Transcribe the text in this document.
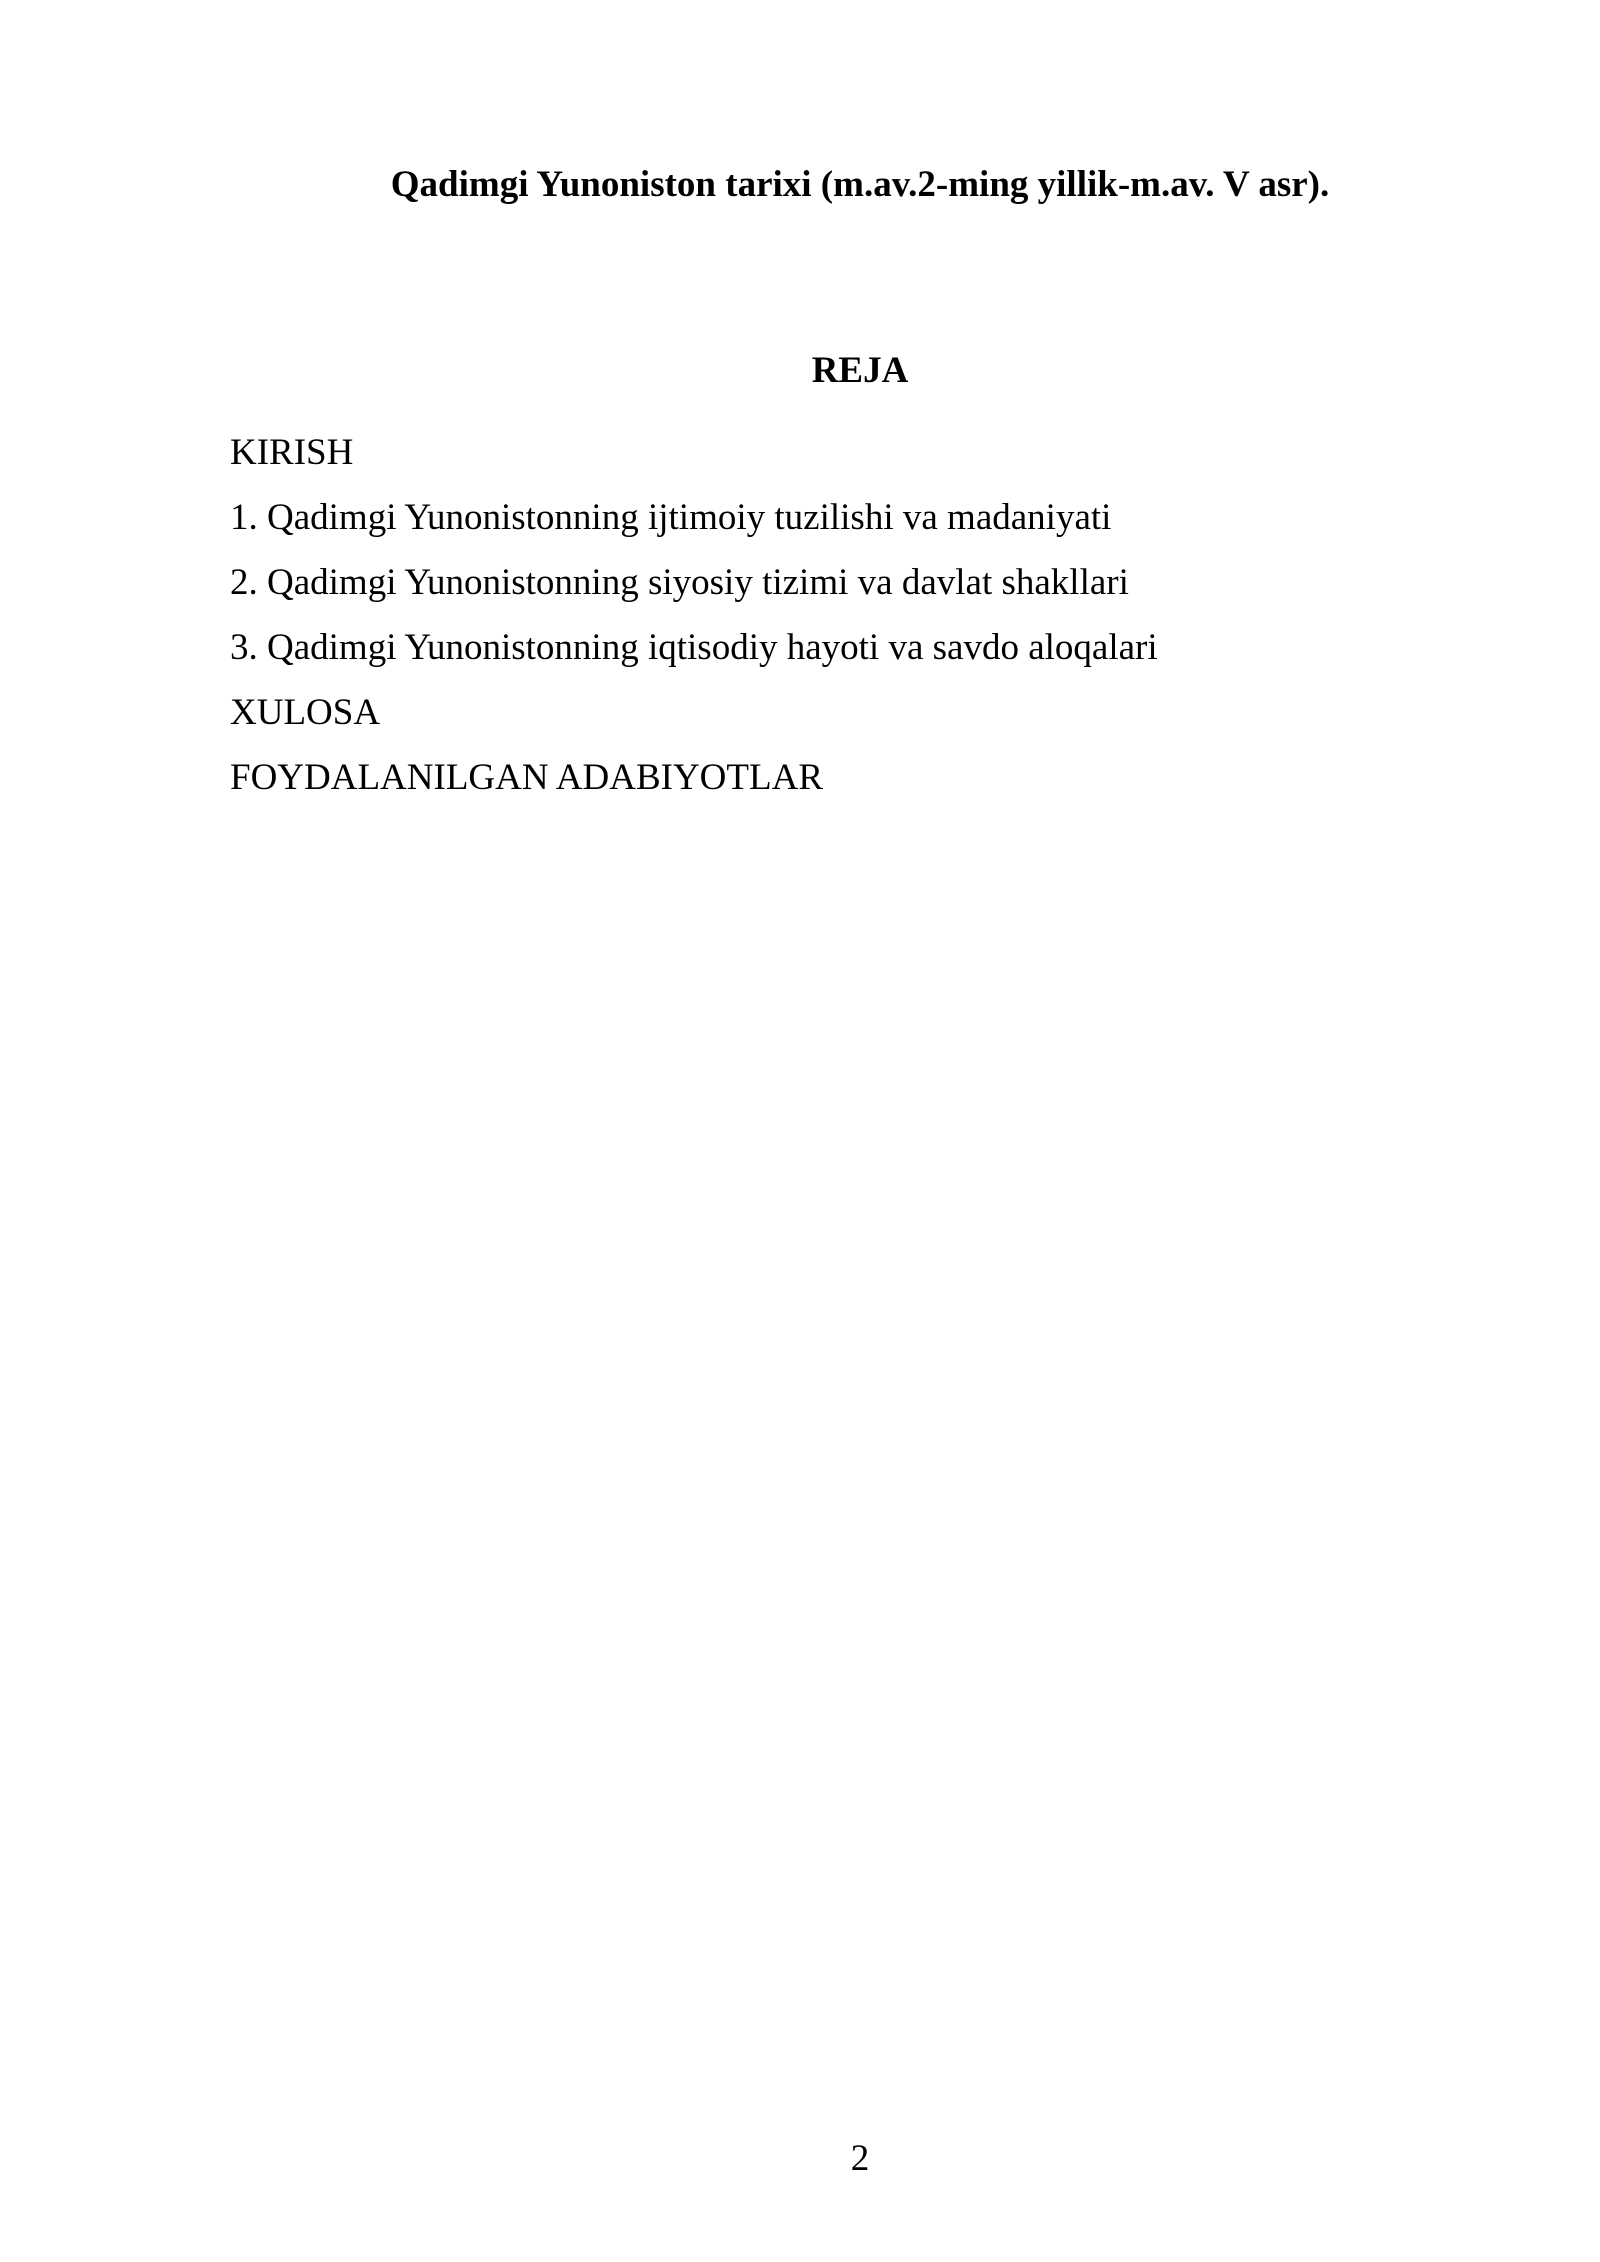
Qadimgi Yunoniston tarixi (m.av.2-ming yillik-m.av. V asr).
REJA
KIRISH
1. Qadimgi Yunonistonning ijtimoiy tuzilishi va madaniyati
2. Qadimgi Yunonistonning siyosiy tizimi va davlat shakllari
3. Qadimgi Yunonistonning iqtisodiy hayoti va savdo aloqalari
XULOSA
FOYDALANILGAN ADABIYOTLAR
2
